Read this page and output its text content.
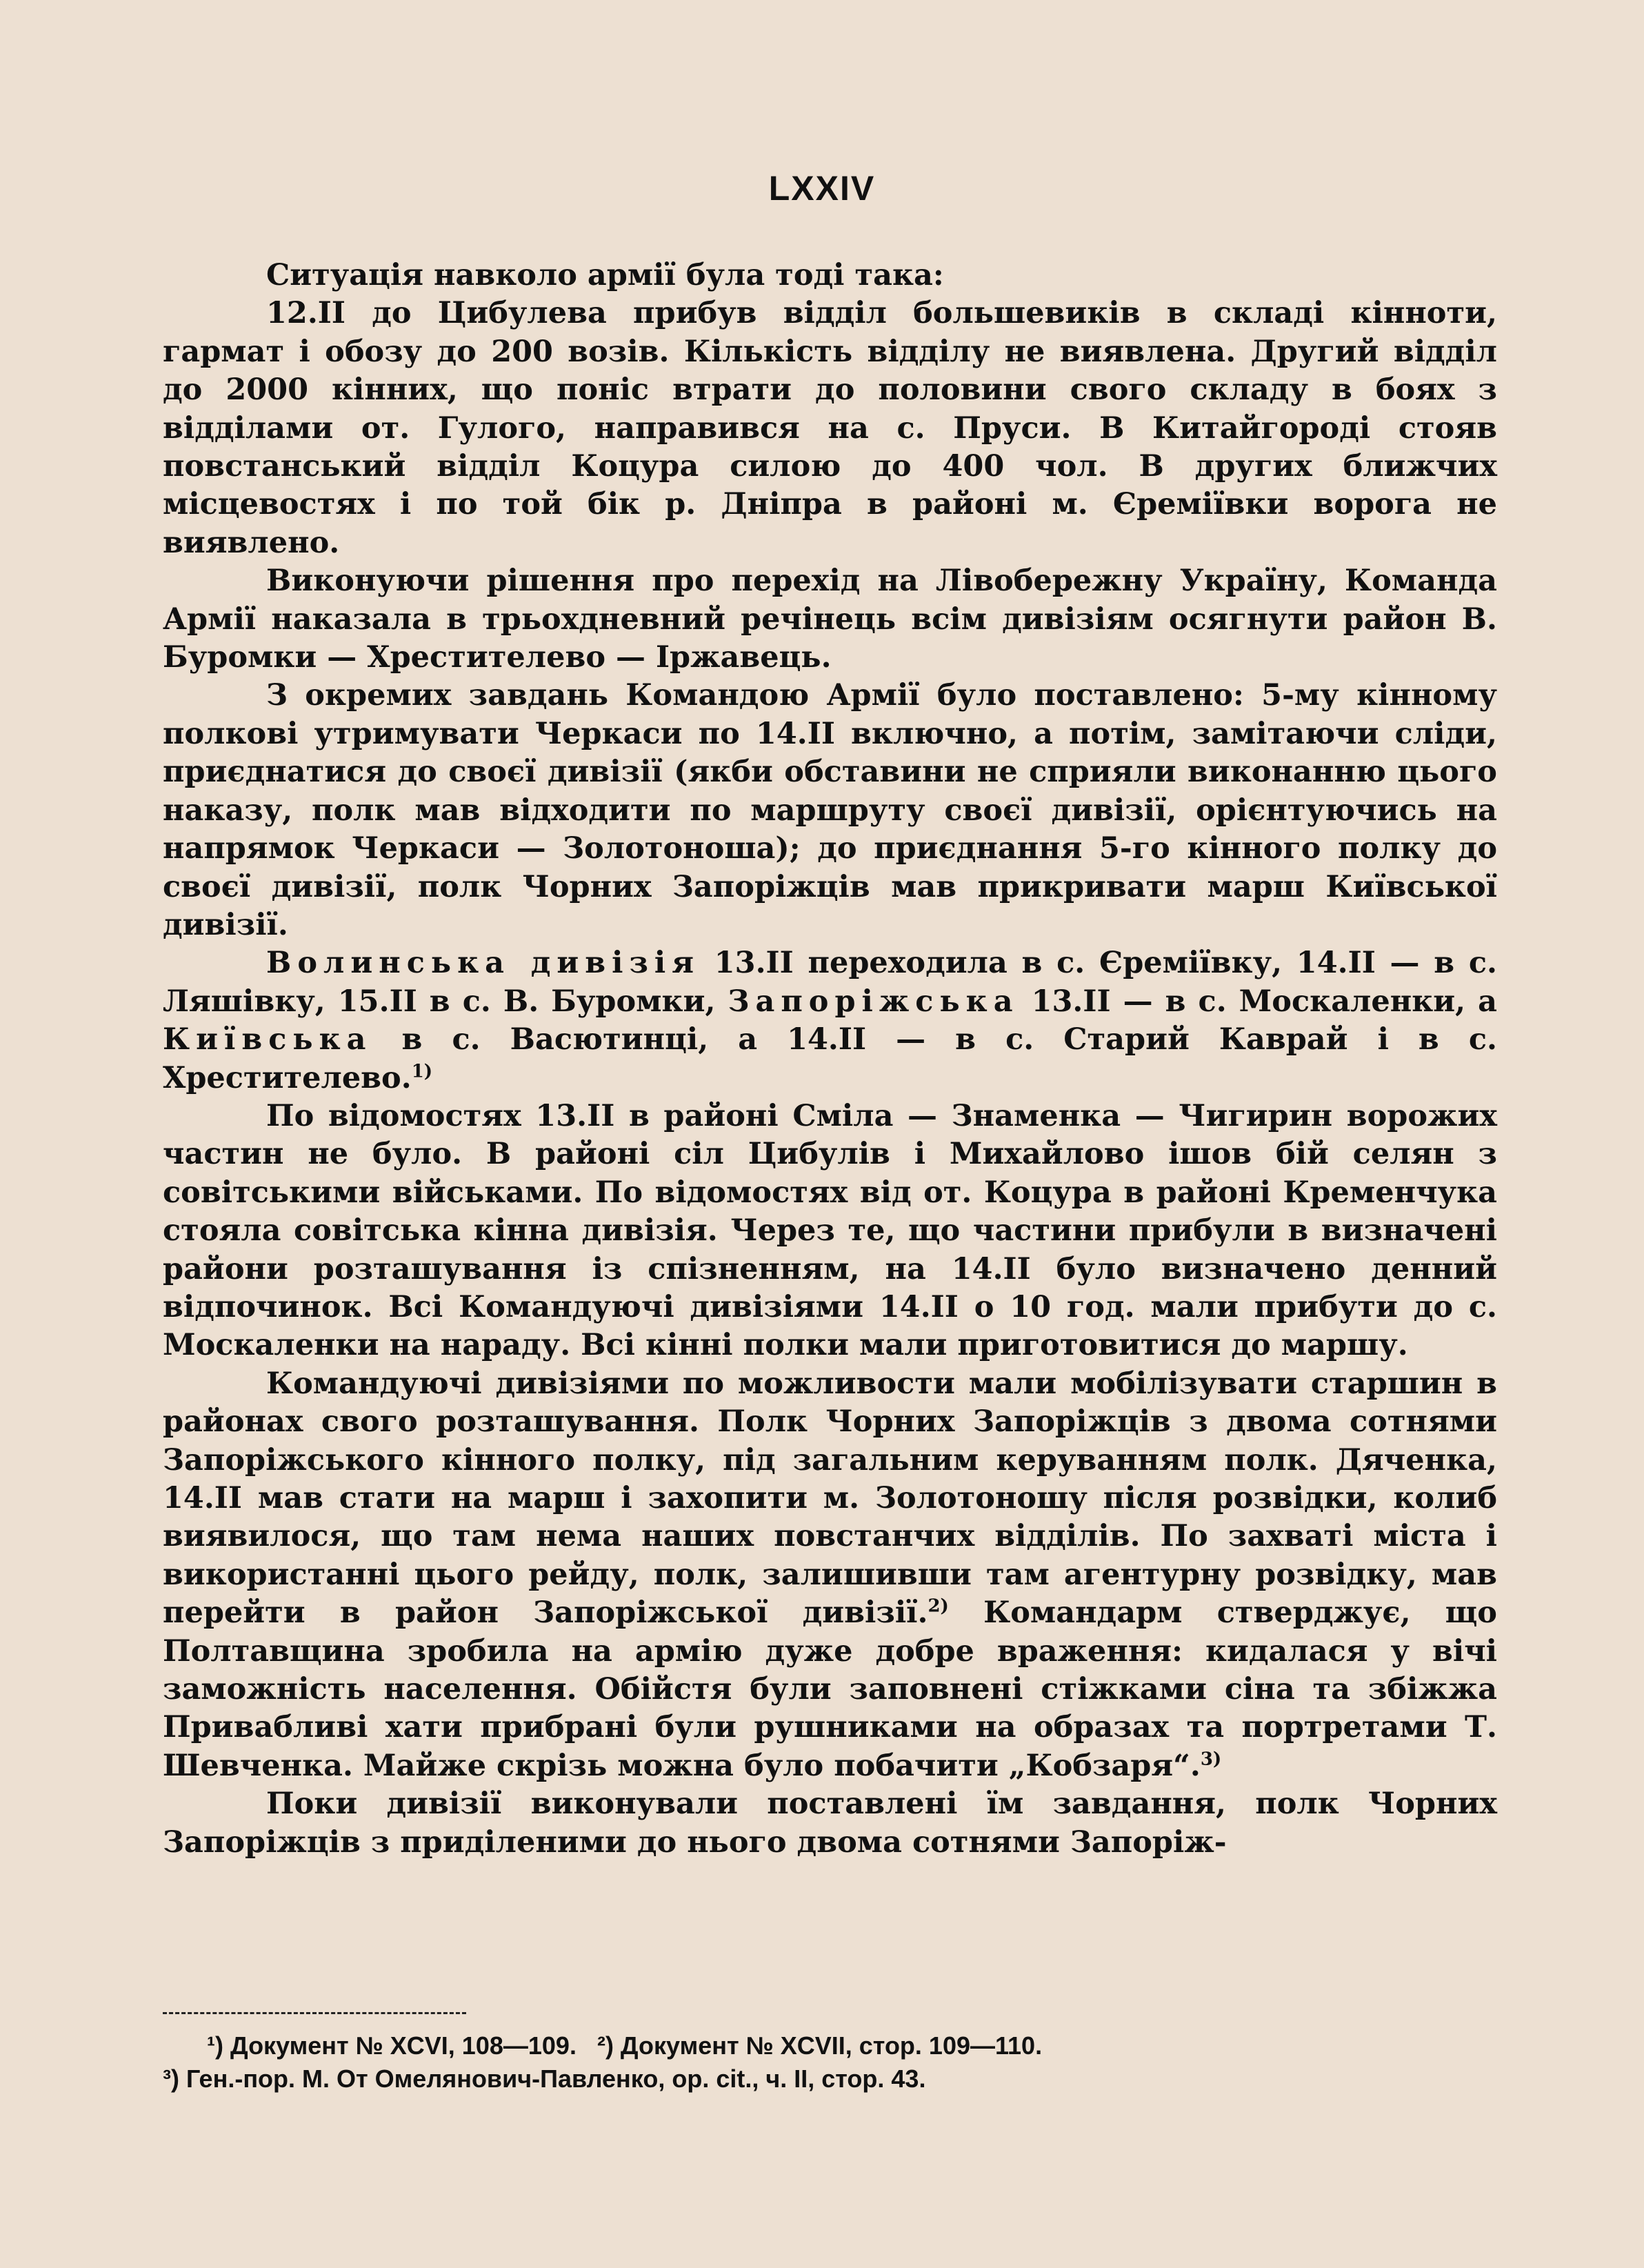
LXXIV

Ситуація навколо армії була тоді така:

12.II до Цибулева прибув відділ большевиків в складі кінноти, гармат і обозу до 200 возів. Кількість відділу не виявлена. Другий відділ до 2000 кінних, що поніс втрати до половини свого складу в боях з відділами от. Гулого, направився на с. Пруси. В Китайгороді стояв повстанський відділ Коцура силою до 400 чол. В других ближчих місцевостях і по той бік р. Дніпра в районі м. Єреміївки ворога не виявлено.

Виконуючи рішення про перехід на Лівобережну Україну, Команда Армії наказала в трьохдневний речінець всім дивізіям осягнути район В. Буромки — Хрестителево — Іржавець.

З окремих завдань Командою Армії було поставлено: 5-му кінному полкові утримувати Черкаси по 14.II включно, а потім, замітаючи сліди, приєднатися до своєї дивізії (якби обставини не сприяли виконанню цього наказу, полк мав відходити по маршруту своєї дивізії, орієнтуючись на напрямок Черкаси — Золотоноша); до приєднання 5-го кінного полку до своєї дивізії, полк Чорних Запоріжців мав прикривати марш Київської дивізії.

Волинська дивізія 13.II переходила в с. Єреміївку, 14.II — в с. Ляшівку, 15.II в с. В. Буромки, Запоріжська 13.II — в с. Москаленки, а Київська в с. Васютинці, а 14.II — в с. Старий Каврай і в с. Хрестителево.$^{1)}$

По відомостях 13.II в районі Сміла — Знаменка — Чигирин ворожих частин не було. В районі сіл Цибулів і Михайлово ішов бій селян з совітськими військами. По відомостях від от. Коцура в районі Кременчука стояла совітська кінна дивізія. Через те, що частини прибули в визначені райони розташування із спізненням, на 14.II було визначено денний відпочинок. Всі Командуючі дивізіями 14.II о 10 год. мали прибути до с. Москаленки на нараду. Всі кінні полки мали приготовитися до маршу.

Командуючі дивізіями по можливости мали мобілізувати старшин в районах свого розташування. Полк Чорних Запоріжців з двома сотнями Запоріжського кінного полку, під загальним керуванням полк. Дяченка, 14.II мав стати на марш і захопити м. Золотоношу після розвідки, колиб виявилося, що там нема наших повстанчих відділів. По захваті міста і використанні цього рейду, полк, залишивши там агентурну розвідку, мав перейти в район Запоріжської дивізії.$^{2)}$ Командарм стверджує, що Полтавщина зробила на армію дуже добре враження: кидалася у вічі заможність населення. Обійстя були заповнені стіжками сіна та збіжжа Привабливі хати прибрані були рушниками на образах та портретами Т. Шевченка. Майже скрізь можна було побачити „Кобзаря“.$^{3)}$

Поки дивізії виконували поставлені їм завдання, полк Чорних Запоріжців з приділеними до нього двома сотнями Запоріж-

¹) Документ № XCVI, 108—109. ²) Документ № XCVII, стор. 109—110.

³) Ген.-пор. М. От Омелянович-Павленко, ор. cit., ч. II, стор. 43.
